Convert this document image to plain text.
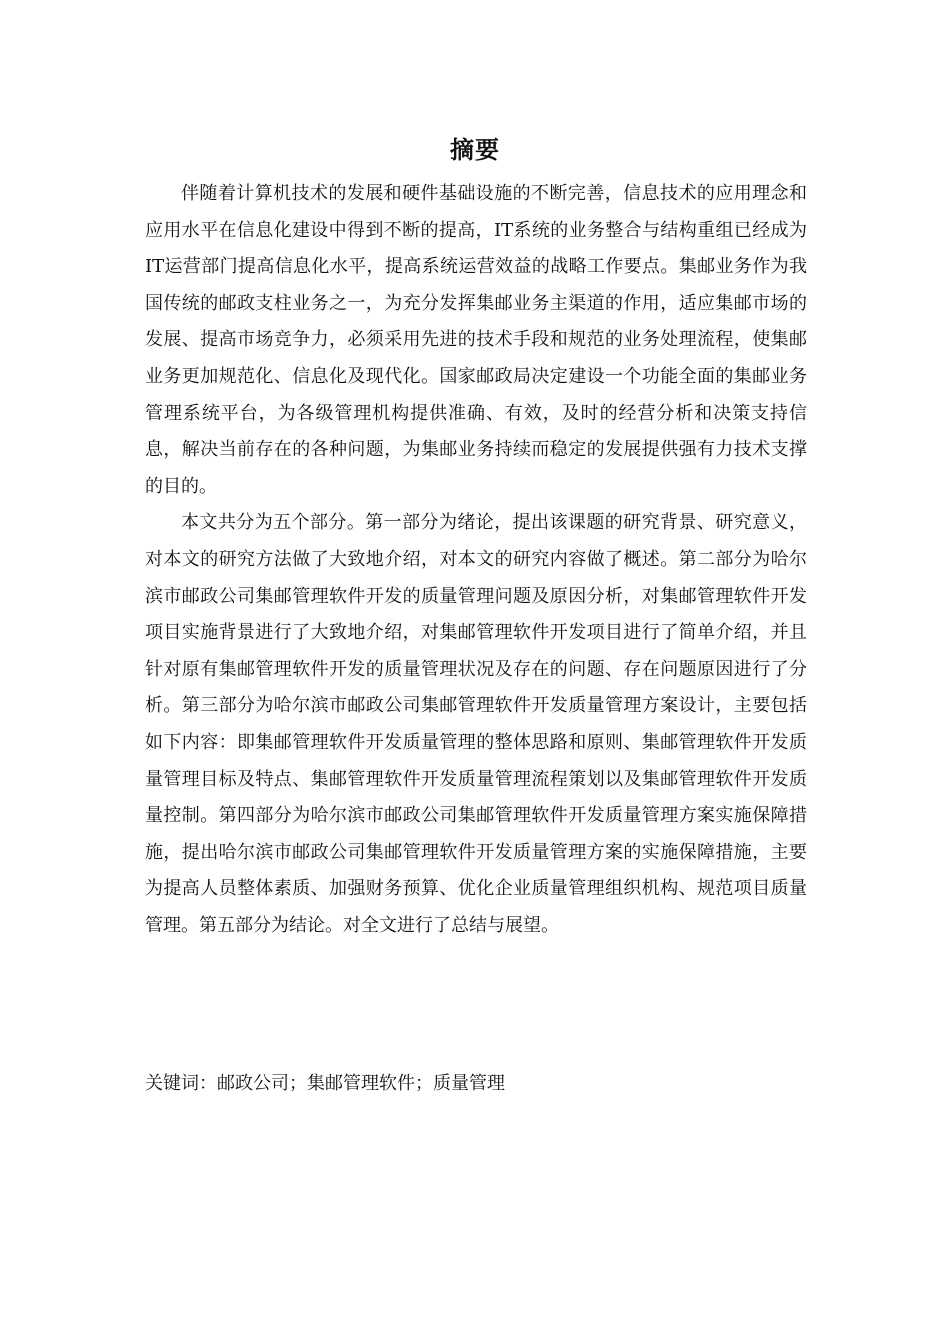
摘要

伴随着计算机技术的发展和硬件基础设施的不断完善，信息技术的应用理念和应用水平在信息化建设中得到不断的提高，IT系统的业务整合与结构重组已经成为IT运营部门提高信息化水平，提高系统运营效益的战略工作要点。集邮业务作为我国传统的邮政支柱业务之一，为充分发挥集邮业务主渠道的作用，适应集邮市场的发展、提高市场竞争力，必须采用先进的技术手段和规范的业务处理流程，使集邮业务更加规范化、信息化及现代化。国家邮政局决定建设一个功能全面的集邮业务管理系统平台，为各级管理机构提供准确、有效，及时的经营分析和决策支持信息，解决当前存在的各种问题，为集邮业务持续而稳定的发展提供强有力技术支撑的目的。

本文共分为五个部分。第一部分为绪论，提出该课题的研究背景、研究意义，对本文的研究方法做了大致地介绍，对本文的研究内容做了概述。第二部分为哈尔滨市邮政公司集邮管理软件开发的质量管理问题及原因分析，对集邮管理软件开发项目实施背景进行了大致地介绍，对集邮管理软件开发项目进行了简单介绍，并且针对原有集邮管理软件开发的质量管理状况及存在的问题、存在问题原因进行了分析。第三部分为哈尔滨市邮政公司集邮管理软件开发质量管理方案设计，主要包括如下内容：即集邮管理软件开发质量管理的整体思路和原则、集邮管理软件开发质量管理目标及特点、集邮管理软件开发质量管理流程策划以及集邮管理软件开发质量控制。第四部分为哈尔滨市邮政公司集邮管理软件开发质量管理方案实施保障措施，提出哈尔滨市邮政公司集邮管理软件开发质量管理方案的实施保障措施，主要为提高人员整体素质、加强财务预算、优化企业质量管理组织机构、规范项目质量管理。第五部分为结论。对全文进行了总结与展望。

关键词：邮政公司；集邮管理软件；质量管理
